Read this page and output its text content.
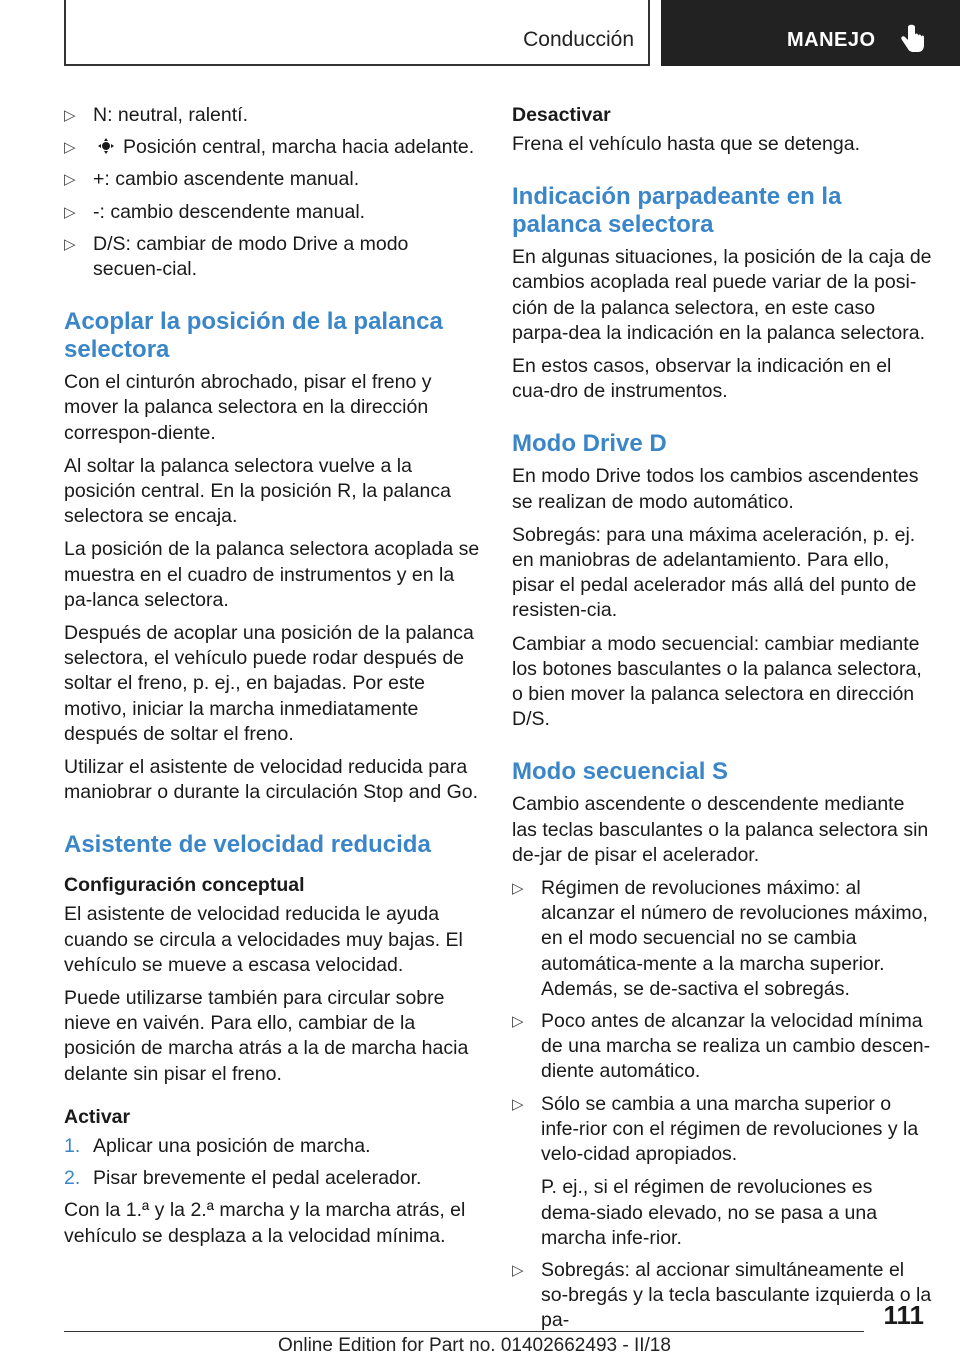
Conducción	MANEJO
▷ N: neutral, ralentí.
▷ Posición central, marcha hacia adelante.
▷ +: cambio ascendente manual.
▷ -: cambio descendente manual.
▷ D/S: cambiar de modo Drive a modo secuen-cial.
Acoplar la posición de la palanca selectora

Con el cinturón abrochado, pisar el freno y mover la palanca selectora en la dirección correspon-diente.

Al soltar la palanca selectora vuelve a la posición central. En la posición R, la palanca selectora se encaja.

La posición de la palanca selectora acoplada se muestra en el cuadro de instrumentos y en la pa-lanca selectora.

Después de acoplar una posición de la palanca selectora, el vehículo puede rodar después de soltar el freno, p. ej., en bajadas. Por este motivo, iniciar la marcha inmediatamente después de soltar el freno.

Utilizar el asistente de velocidad reducida para maniobrar o durante la circulación Stop and Go.

Asistente de velocidad reducida
Configuración conceptual

El asistente de velocidad reducida le ayuda cuando se circula a velocidades muy bajas. El vehículo se mueve a escasa velocidad.

Puede utilizarse también para circular sobre nieve en vaivén. Para ello, cambiar de la posición de marcha atrás a la de marcha hacia delante sin pisar el freno.

Activar
1. Aplicar una posición de marcha.
2. Pisar brevemente el pedal acelerador.

Con la 1.ª y la 2.ª marcha y la marcha atrás, el vehículo se desplaza a la velocidad mínima.

Desactivar

Frena el vehículo hasta que se detenga.

Indicación parpadeante en la palanca selectora

En algunas situaciones, la posición de la caja de cambios acoplada real puede variar de la posi-ción de la palanca selectora, en este caso parpa-dea la indicación en la palanca selectora.

En estos casos, observar la indicación en el cua-dro de instrumentos.

Modo Drive D

En modo Drive todos los cambios ascendentes se realizan de modo automático.

Sobregás: para una máxima aceleración, p. ej. en maniobras de adelantamiento. Para ello, pisar el pedal acelerador más allá del punto de resisten-cia.

Cambiar a modo secuencial: cambiar mediante los botones basculantes o la palanca selectora, o bien mover la palanca selectora en dirección D/S.

Modo secuencial S

Cambio ascendente o descendente mediante las teclas basculantes o la palanca selectora sin de-jar de pisar el acelerador.

▷ Régimen de revoluciones máximo: al alcanzar el número de revoluciones máximo, en el modo secuencial no se cambia automática-mente a la marcha superior. Además, se de-sactiva el sobregás.
▷ Poco antes de alcanzar la velocidad mínima de una marcha se realiza un cambio descen-diente automático.
▷ Sólo se cambia a una marcha superior o infe-rior con el régimen de revoluciones y la velo-cidad apropiados.

P. ej., si el régimen de revoluciones es dema-siado elevado, no se pasa a una marcha infe-rior.

▷ Sobregás: al accionar simultáneamente el so-bregás y la tecla basculante izquierda o la pa-	111
Online Edition for Part no. 01402662493 - II/18
